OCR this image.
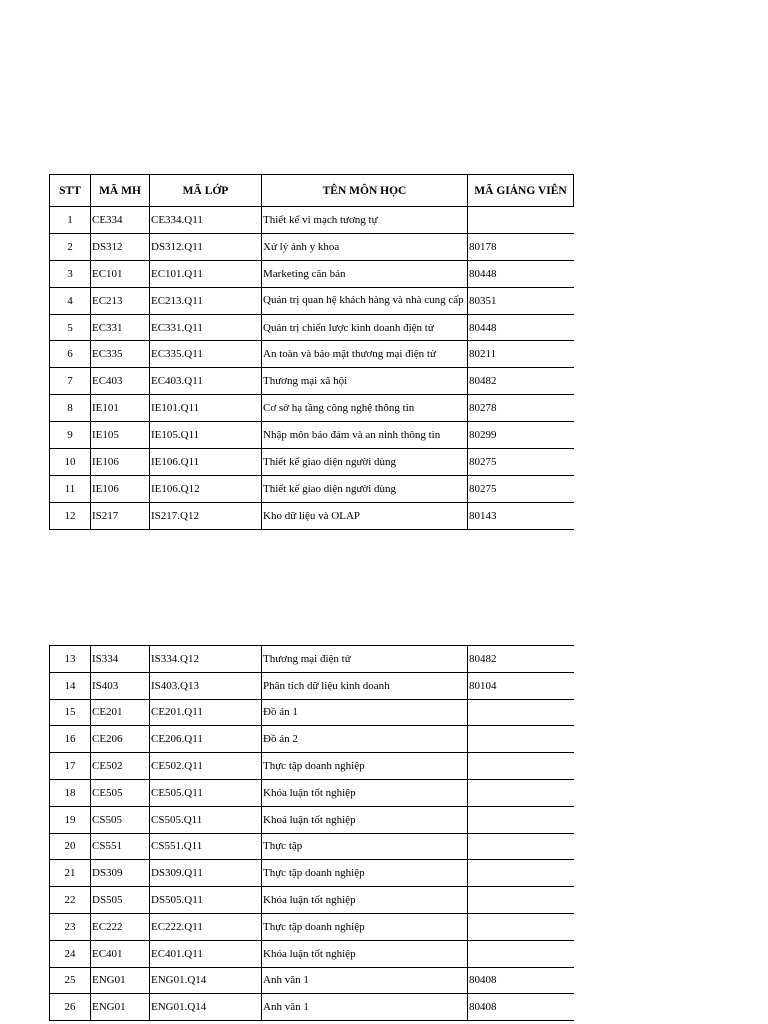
STT	MÃ MH	MÃ LỚP	TÊN MÔN HỌC	MÃ GIẢNG VIÊN
1	CE334	CE334.Q11	Thiết kế vi mạch tương tự	
2	DS312	DS312.Q11	Xử lý ảnh y khoa	80178
3	EC101	EC101.Q11	Marketing căn bản	80448
4	EC213	EC213.Q11	Quản trị quan hệ khách hàng và nhà cung cấp	80351
5	EC331	EC331.Q11	Quản trị chiến lược kinh doanh điện tử	80448
6	EC335	EC335.Q11	An toàn và bảo mật thương mại điện tử	80211
7	EC403	EC403.Q11	Thương mại xã hội	80482
8	IE101	IE101.Q11	Cơ sở hạ tầng công nghệ thông tin	80278
9	IE105	IE105.Q11	Nhập môn bảo đảm và an ninh thông tin	80299
10	IE106	IE106.Q11	Thiết kế giao diện người dùng	80275
11	IE106	IE106.Q12	Thiết kế giao diện người dùng	80275
12	IS217	IS217.Q12	Kho dữ liệu và OLAP	80143
13	IS334	IS334.Q12	Thương mại điện tử	80482
14	IS403	IS403.Q13	Phân tích dữ liệu kinh doanh	80104
15	CE201	CE201.Q11	Đồ án 1	
16	CE206	CE206.Q11	Đồ án 2	
17	CE502	CE502.Q11	Thực tập doanh nghiệp	
18	CE505	CE505.Q11	Khóa luận tốt nghiệp	
19	CS505	CS505.Q11	Khoá luận tốt nghiệp	
20	CS551	CS551.Q11	Thực tập	
21	DS309	DS309.Q11	Thực tập doanh nghiệp	
22	DS505	DS505.Q11	Khóa luận tốt nghiệp	
23	EC222	EC222.Q11	Thực tập doanh nghiệp	
24	EC401	EC401.Q11	Khóa luận tốt nghiệp	
25	ENG01	ENG01.Q14	Anh văn 1	80408
26	ENG01	ENG01.Q14	Anh văn 1	80408
